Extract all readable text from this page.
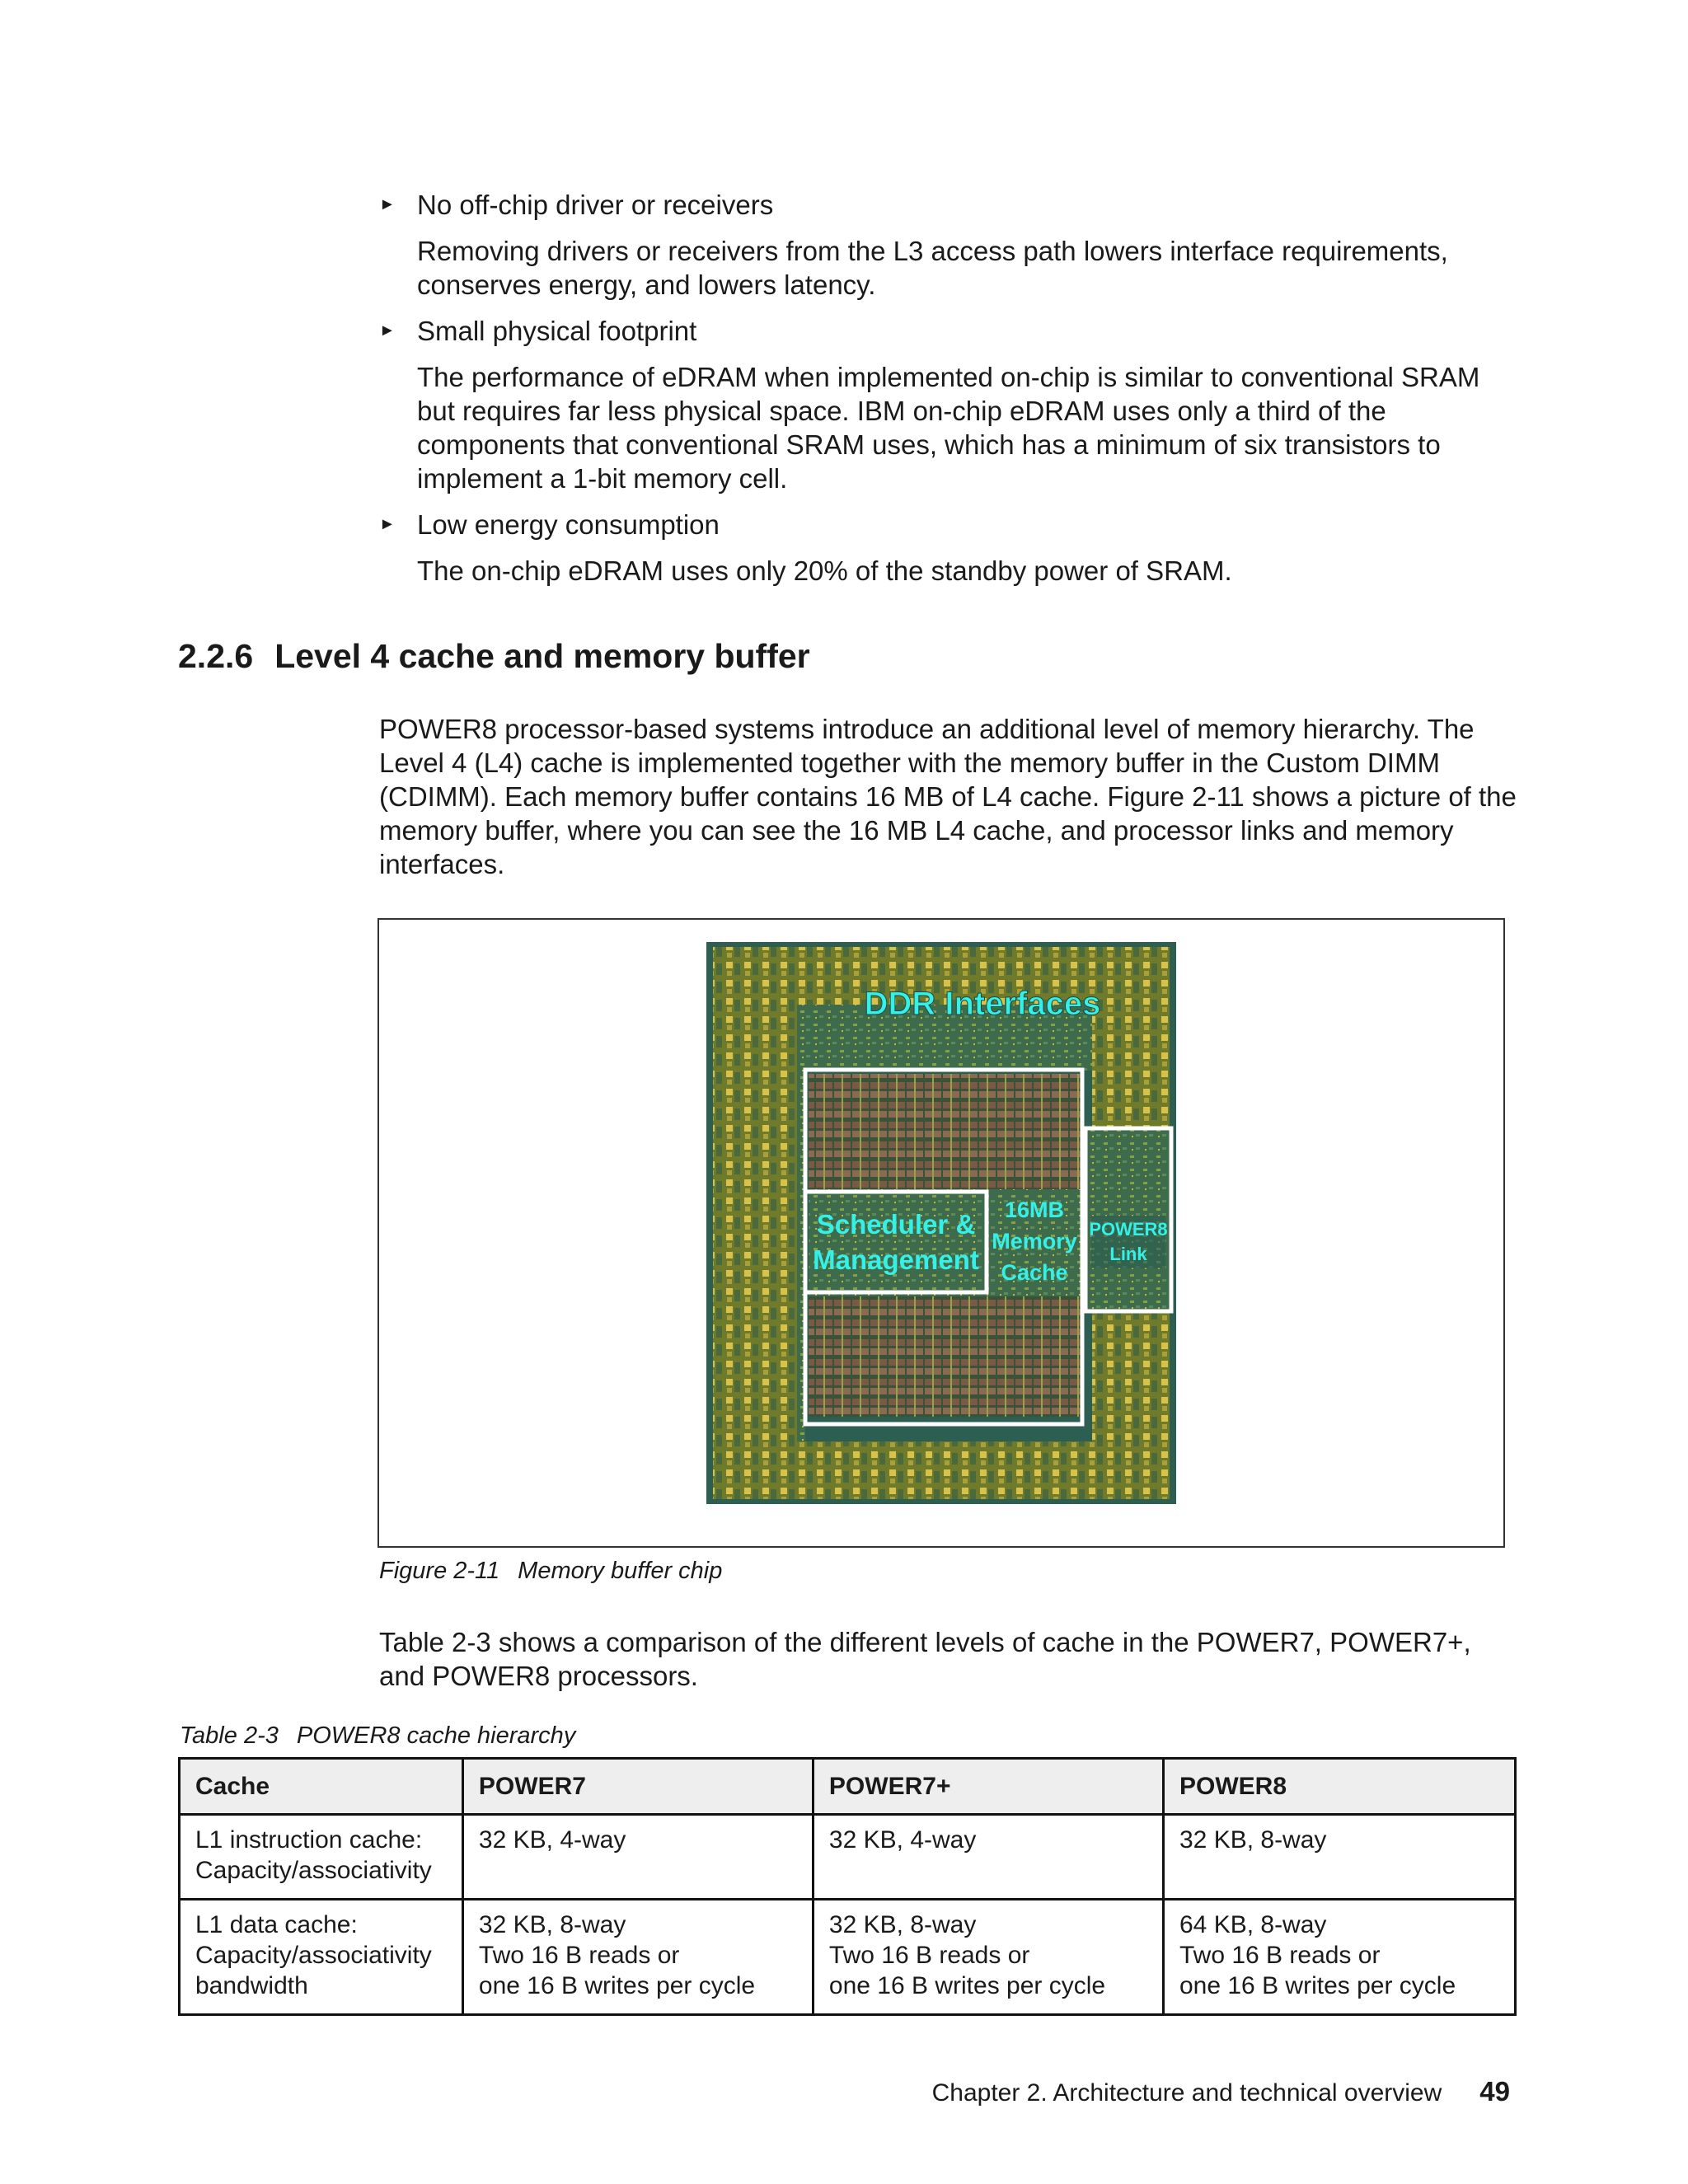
► No off-chip driver or receivers
Removing drivers or receivers from the L3 access path lowers interface requirements, conserves energy, and lowers latency.
► Small physical footprint
The performance of eDRAM when implemented on-chip is similar to conventional SRAM but requires far less physical space. IBM on-chip eDRAM uses only a third of the components that conventional SRAM uses, which has a minimum of six transistors to implement a 1-bit memory cell.
► Low energy consumption
The on-chip eDRAM uses only 20% of the standby power of SRAM.
2.2.6 Level 4 cache and memory buffer

POWER8 processor-based systems introduce an additional level of memory hierarchy. The Level 4 (L4) cache is implemented together with the memory buffer in the Custom DIMM (CDIMM). Each memory buffer contains 16 MB of L4 cache. Figure 2-11 shows a picture of the memory buffer, where you can see the 16 MB L4 cache, and processor links and memory interfaces.

DDR Interfaces
Scheduler &
Management
16MB
Memory
Cache
POWER8
Link

Figure 2-11 Memory buffer chip

Table 2-3 shows a comparison of the different levels of cache in the POWER7, POWER7+, and POWER8 processors.

Table 2-3 POWER8 cache hierarchy

Cache	POWER7	POWER7+	POWER8

L1 instruction cache:
Capacity/associativity	32 KB, 4-way	32 KB, 4-way	32 KB, 8-way

L1 data cache:
Capacity/associativity
bandwidth	32 KB, 8-way
Two 16 B reads or
one 16 B writes per cycle	32 KB, 8-way
Two 16 B reads or
one 16 B writes per cycle	64 KB, 8-way
Two 16 B reads or
one 16 B writes per cycle
Chapter 2. Architecture and technical overview 49
